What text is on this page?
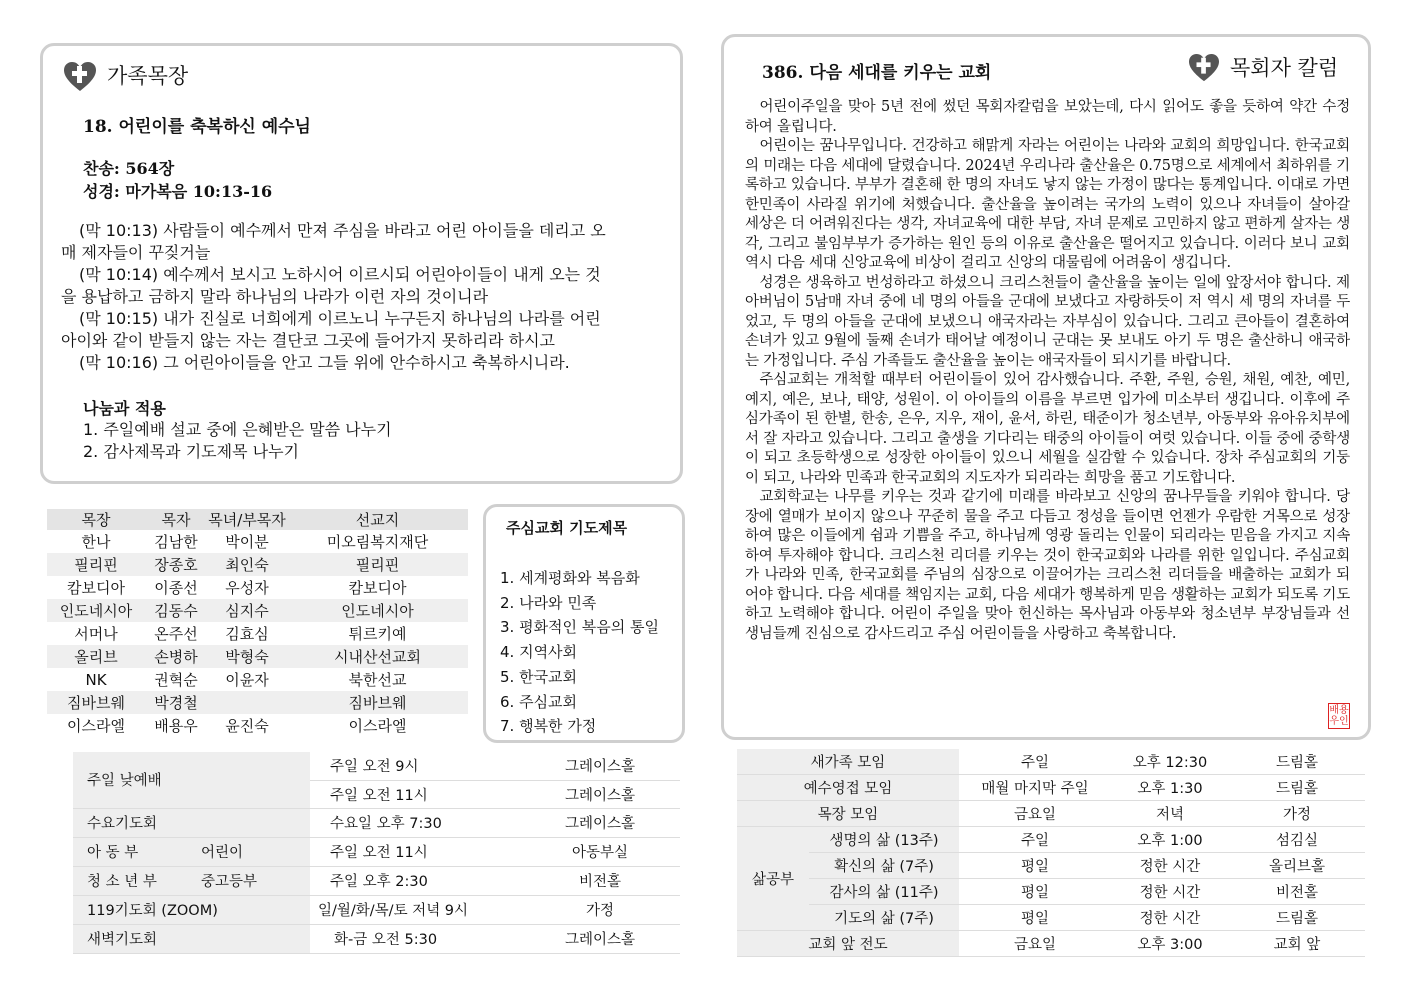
가족목장
18. 어린이를 축복하신 예수님
찬송: 564장
성경: 마가복음 10:13-16
(막 10:13) 사람들이 예수께서 만져 주심을 바라고 어린 아이들을 데리고 오
매 제자들이 꾸짖거늘
(막 10:14) 예수께서 보시고 노하시어 이르시되 어린아이들이 내게 오는 것
을 용납하고 금하지 말라 하나님의 나라가 이런 자의 것이니라
(막 10:15) 내가 진실로 너희에게 이르노니 누구든지 하나님의 나라를 어린
아이와 같이 받들지 않는 자는 결단코 그곳에 들어가지 못하리라 하시고
(막 10:16) 그 어린아이들을 안고 그들 위에 안수하시고 축복하시니라.
나눔과 적용
1. 주일예배 설교 중에 은혜받은 말씀 나누기
2. 감사제목과 기도제목 나누기
목장	목자	목녀/부목자	선교지
한나	김남한	박이분	미오림복지재단
필리핀	장종호	최인숙	필리핀
캄보디아	이종선	우성자	캄보디아
인도네시아	김동수	심지수	인도네시아
서머나	온주선	김효심	튀르키예
올리브	손병하	박형숙	시내산선교회
NK	권혁순	이윤자	북한선교
짐바브웨	박경철		짐바브웨
이스라엘	배용우	윤진숙	이스라엘
주심교회 기도제목
1. 세계평화와 복음화
2. 나라와 민족
3. 평화적인 복음의 통일
4. 지역사회
5. 한국교회
6. 주심교회
7. 행복한 가정
주일 낮예배		주일 오전 9시	그레이스홀
		주일 오전 11시	그레이스홀
수요기도회		수요일 오후 7:30	그레이스홀
아 동 부	어린이	주일 오전 11시	아동부실
청 소 년 부	중고등부	주일 오후 2:30	비전홀
119기도회 (ZOOM)		일/월/화/목/토 저녁 9시	가정
새벽기도회		화-금 오전 5:30	그레이스홀
386. 다음 세대를 키우는 교회	목회자 칼럼

어린이주일을 맞아 5년 전에 썼던 목회자칼럼을 보았는데, 다시 읽어도 좋을 듯하여 약간 수정하여 올립니다.

어린이는 꿈나무입니다. 건강하고 해맑게 자라는 어린이는 나라와 교회의 희망입니다. 한국교회의 미래는 다음 세대에 달렸습니다. 2024년 우리나라 출산율은 0.75명으로 세계에서 최하위를 기록하고 있습니다. 부부가 결혼해 한 명의 자녀도 낳지 않는 가정이 많다는 통계입니다. 이대로 가면 한민족이 사라질 위기에 처했습니다. 출산율을 높이려는 국가의 노력이 있으나 자녀들이 살아갈 세상은 더 어려워진다는 생각, 자녀교육에 대한 부담, 자녀 문제로 고민하지 않고 편하게 살자는 생각, 그리고 불임부부가 증가하는 원인 등의 이유로 출산율은 떨어지고 있습니다. 이러다 보니 교회 역시 다음 세대 신앙교육에 비상이 걸리고 신앙의 대물림에 어려움이 생깁니다.

성경은 생육하고 번성하라고 하셨으니 크리스천들이 출산율을 높이는 일에 앞장서야 합니다. 제 아버님이 5남매 자녀 중에 네 명의 아들을 군대에 보냈다고 자랑하듯이 저 역시 세 명의 자녀를 두었고, 두 명의 아들을 군대에 보냈으니 애국자라는 자부심이 있습니다. 그리고 큰아들이 결혼하여 손녀가 있고 9월에 둘째 손녀가 태어날 예정이니 군대는 못 보내도 아기 두 명은 출산하니 애국하는 가정입니다. 주심 가족들도 출산율을 높이는 애국자들이 되시기를 바랍니다.

주심교회는 개척할 때부터 어린이들이 있어 감사했습니다. 주환, 주원, 승원, 채원, 예찬, 예민, 예지, 예은, 보나, 태양, 성원이. 이 아이들의 이름을 부르면 입가에 미소부터 생깁니다. 이후에 주심가족이 된 한별, 한송, 은우, 지우, 재이, 윤서, 하린, 태준이가 청소년부, 아동부와 유아유치부에서 잘 자라고 있습니다. 그리고 출생을 기다리는 태중의 아이들이 여럿 있습니다. 이들 중에 중학생이 되고 초등학생으로 성장한 아이들이 있으니 세월을 실감할 수 있습니다. 장차 주심교회의 기둥이 되고, 나라와 민족과 한국교회의 지도자가 되리라는 희망을 품고 기도합니다.

교회학교는 나무를 키우는 것과 같기에 미래를 바라보고 신앙의 꿈나무들을 키워야 합니다. 당장에 열매가 보이지 않으나 꾸준히 물을 주고 다듬고 정성을 들이면 언젠가 우람한 거목으로 성장하여 많은 이들에게 쉼과 기쁨을 주고, 하나님께 영광 돌리는 인물이 되리라는 믿음을 가지고 지속하여 투자해야 합니다. 크리스천 리더를 키우는 것이 한국교회와 나라를 위한 일입니다. 주심교회가 나라와 민족, 한국교회를 주님의 심장으로 이끌어가는 크리스천 리더들을 배출하는 교회가 되어야 합니다. 다음 세대를 책임지는 교회, 다음 세대가 행복하게 믿음 생활하는 교회가 되도록 기도하고 노력해야 합니다. 어린이 주일을 맞아 헌신하는 목사님과 아동부와 청소년부 부장님들과 선생님들께 진심으로 감사드리고 주심 어린이들을 사랑하고 축복합니다.

배용우인
새가족 모임		주일	오후 12:30	드림홀
예수영접 모임		매월 마지막 주일	오후 1:30	드림홀
목장 모임		금요일	저녁	가정
삶공부	생명의 삶 (13주)	주일	오후 1:00	섬김실
	확신의 삶 (7주)	평일	정한 시간	올리브홀
	감사의 삶 (11주)	평일	정한 시간	비전홀
	기도의 삶 (7주)	평일	정한 시간	드림홀
교회 앞 전도		금요일	오후 3:00	교회 앞
